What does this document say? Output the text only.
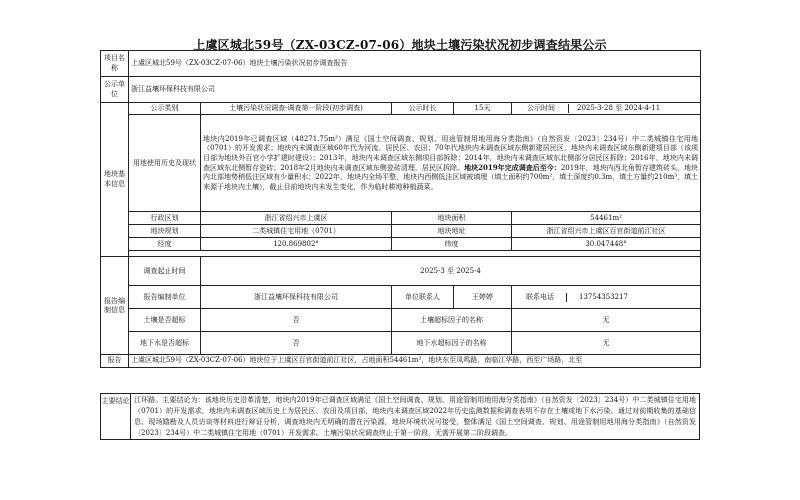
上虞区城北59号（ZX-03CZ-07-06）地块土壤污染状况初步调查结果公示
项目名称	上虞区城北59号（ZX-03CZ-07-06）地块土壤污染状况初步调查报告				
公示单位	浙江益壤环保科技有限公司				
地块基本信息	公示类别	土壤污染状况调查-调查第一阶段(初步调查)	公示时长	15天	公示时间 2025-3-28 至 2024-4-11
	用地使用历史及现状	地块内2019年已调查区域（48271.75m²）满足《国土空间调查、规划、用途管制用地用海分类指南》（自然资发〔2023〕234号）中二类城镇住宅用地（0701）的开发需求；地块内未调查区域60年代为河流、居民区、农田；70年代地块内未调查区域东侧新建居民区，地块内未调查区域东侧新建项目部（该项目部为地块外百官小学扩建时建设）；2013年，地块内未调查区域东侧项目部拆除；2014年，地块内未调查区域东北侧部分居民区拆除；2016年，地块内未调查区域东北侧暂存瓷砖；2018年2月地块内未调查区域东侧瓷砖清理，居民区拆除。地块2019年完成调查后至今：2019年，地块内西北角暂存建筑砖头，地块内北部地势稍低注区域有少量积水；2022年，地块内全场平整，地块内西侧低洼区域被填埋（填土面积约700m²，填土深度约0.3m，填土方量约210m³，填土来源于地块内土壤），截止目前地块内未发生变化，作为临时耕地种植蔬菜。			
	行政区划	浙江省绍兴市上虞区	地块面积		54461m²
	地块规划	二类城镇住宅用地（0701）	地块地址		浙江省绍兴市上虞区百官街道前江社区
	经度	120.869802°	纬度		30.047448°

报告编制信息	调查起止时间	2025-3 至 2025-4			
	报告编制单位	浙江益壤环保科技有限公司	单位联系人	王婷婷	联系电话 13754353217
	土壤是否超标	否	土壤超标因子的名称		无
	地下水是否超标	否	地下水超标因子的名称		无
报告	上虞区城北59号（ZX-03CZ-07-06）地块位于上虞区百官街道前江社区，占地面积54461m²，地块东至凤鸣路，南临江华路，西至广场路，北至				
主要结论 江环路。主要结论为：该地块历史沿革清楚，地块内2019年已调查区域满足《国土空间调查、规划、用途管制用地用海分类指南》（自然资发〔2023〕234号）中二类城镇住宅用地（0701）的开发需求，地块内未调查区域历史上为居民区、农田及项目部，地块内未调查区域2022年历史监测数据和调查表明不存在土壤或地下水污染。通过对前期收集的基础信息、现场踏勘及人员访谈等材料进行辩证分析，调查地块内无明确的潜在污染源，地块环境状况可接受，整体满足《国土空间调查、规划、用途管制用地用海分类指南》（自然资发〔2023〕234号）中二类城镇住宅用地（0701）开发需求。土壤污染状况调查终止于第一阶段，无需开展第二阶段调查。
